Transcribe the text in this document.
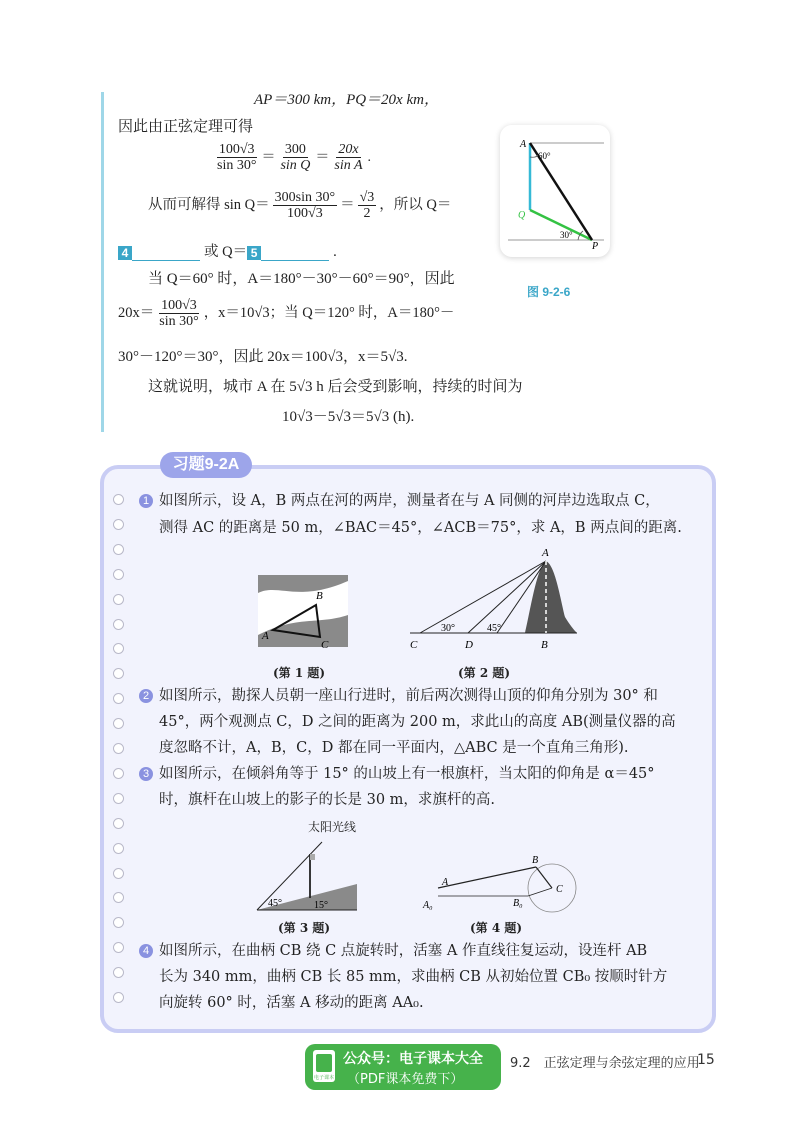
AP＝300 km，PQ＝20x km，
因此由正弦定理可得
$\frac{100√3}{\sin 30^\circ} = \frac{300}{\text{sin Q}} = \frac{20x}{\text{sin A}}$ .
从而可解得 $\sin Q= \frac{300\sin 30^\circ}{100√3} = \frac{√3}{2}$ ，所以 Q＝
4	或 Q＝ 5	.
当 Q＝60° 时，A＝180°－30°－60°＝90°，因此
$20x= \frac{100√3}{\sin 30^\circ}$ ，x＝10√3；当 Q＝120° 时，A＝180°－
30°－120°＝30°，因此 20x＝100√3，x＝5√3.
这就说明，城市 A 在 5√3 h 后会受到影响，持续的时间为
10√3－5√3＝5√3 (h).
A
Q
P
60°
30°
图 9-2-6
习题9-2A
1 如图所示，设 A，B 两点在河的两岸，测量者在与 A 同侧的河岸边选取点 C，
测得 AC 的距离是 50 m，∠BAC＝45°，∠ACB＝75°，求 A，B 两点间的距离.
B
A
C
(第 1 题)
30°	45°
A
C	D	B
(第 2 题)
2 如图所示，勘探人员朝一座山行进时，前后两次测得山顶的仰角分别为 30° 和
45°，两个观测点 C，D 之间的距离为 200 m，求此山的高度 AB(测量仪器的高
度忽略不计，A，B，C，D 都在同一平面内，△ABC 是一个直角三角形).
3 如图所示，在倾斜角等于 15° 的山坡上有一根旗杆，当太阳的仰角是 α＝45°
时，旗杆在山坡上的影子的长是 30 m，求旗杆的高.
太阳光线
45°	15°
(第 3 题)
A
A₀
B
B₀
C
(第 4 题)
4 如图所示，在曲柄 CB 绕 C 点旋转时，活塞 A 作直线往复运动，设连杆 AB
长为 340 mm，曲柄 CB 长 85 mm，求曲柄 CB 从初始位置 CB₀ 按顺时针方
向旋转 60° 时，活塞 A 移动的距离 AA₀.
电子课本
公众号：电子课本大全
（PDF课本免费下）
9.2　正弦定理与余弦定理的应用
15
